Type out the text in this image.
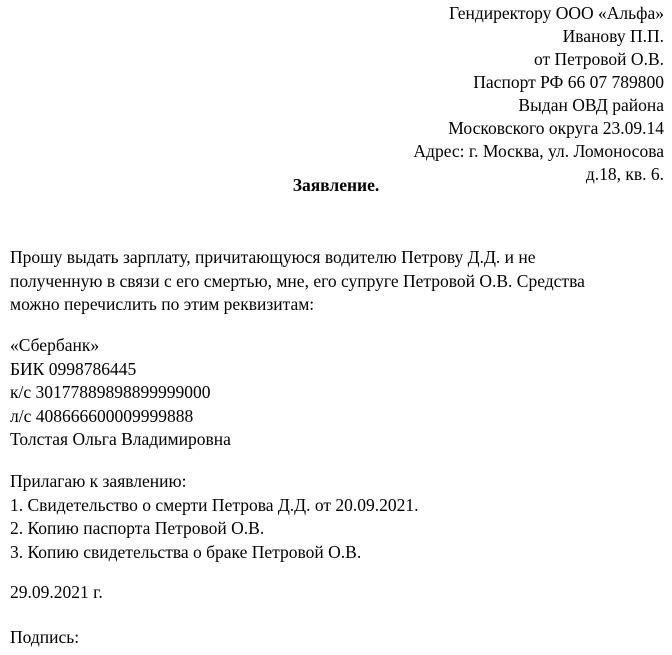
Гендиректору ООО «Альфа»
Иванову П.П.
от Петровой О.В.
Паспорт РФ 66 07 789800
Выдан ОВД района
Московского округа 23.09.14
Адрес: г. Москва, ул. Ломоносова
д.18, кв. 6.
Заявление.
Прошу выдать зарплату, причитающуюся водителю Петрову Д.Д. и не
полученную в связи с его смертью, мне, его супруге Петровой О.В. Средства
можно перечислить по этим реквизитам:
«Сбербанк»
БИК 0998786445
к/с 30177889898899999000
л/с 408666600009999888
Толстая Ольга Владимировна
Прилагаю к заявлению:
1. Свидетельство о смерти Петрова Д.Д. от 20.09.2021.
2. Копию паспорта Петровой О.В.
3. Копию свидетельства о браке Петровой О.В.
29.09.2021 г.
Подпись:
